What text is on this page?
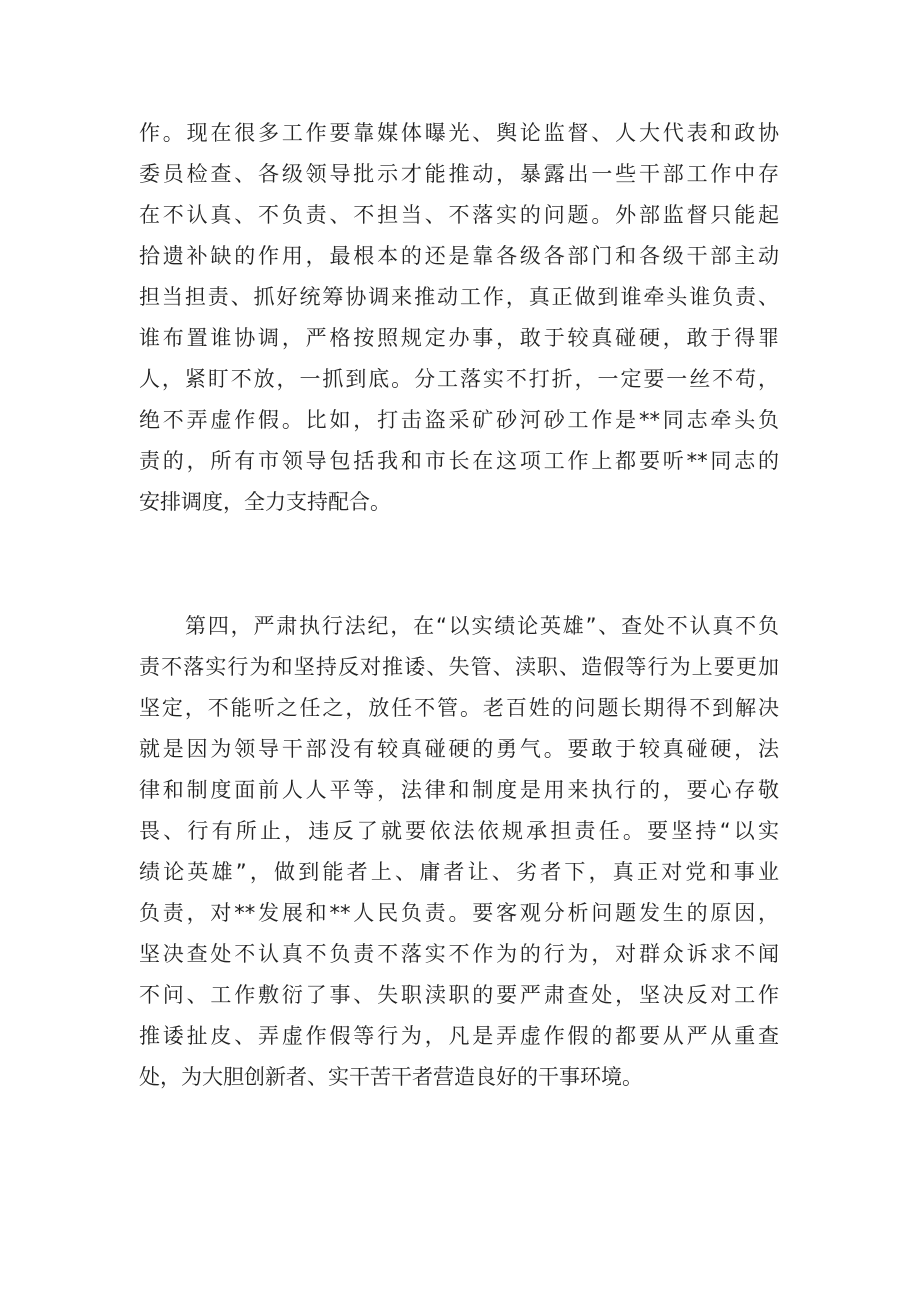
作。现在很多工作要靠媒体曝光、舆论监督、人大代表和政协
委员检查、各级领导批示才能推动，暴露出一些干部工作中存
在不认真、不负责、不担当、不落实的问题。外部监督只能起
拾遗补缺的作用，最根本的还是靠各级各部门和各级干部主动
担当担责、抓好统筹协调来推动工作，真正做到谁牵头谁负责、
谁布置谁协调，严格按照规定办事，敢于较真碰硬，敢于得罪
人，紧盯不放，一抓到底。分工落实不打折，一定要一丝不苟，
绝不弄虚作假。比如，打击盗采矿砂河砂工作是**同志牵头负
责的，所有市领导包括我和市长在这项工作上都要听**同志的
安排调度，全力支持配合。
第四，严肃执行法纪，在“以实绩论英雄”、查处不认真不负
责不落实行为和坚持反对推诿、失管、渎职、造假等行为上要更加
坚定，不能听之任之，放任不管。老百姓的问题长期得不到解决
就是因为领导干部没有较真碰硬的勇气。要敢于较真碰硬，法
律和制度面前人人平等，法律和制度是用来执行的，要心存敬
畏、行有所止，违反了就要依法依规承担责任。要坚持“以实
绩论英雄”，做到能者上、庸者让、劣者下，真正对党和事业
负责，对**发展和**人民负责。要客观分析问题发生的原因，
坚决查处不认真不负责不落实不作为的行为，对群众诉求不闻
不问、工作敷衍了事、失职渎职的要严肃查处，坚决反对工作
推诿扯皮、弄虚作假等行为，凡是弄虚作假的都要从严从重查
处，为大胆创新者、实干苦干者营造良好的干事环境。
